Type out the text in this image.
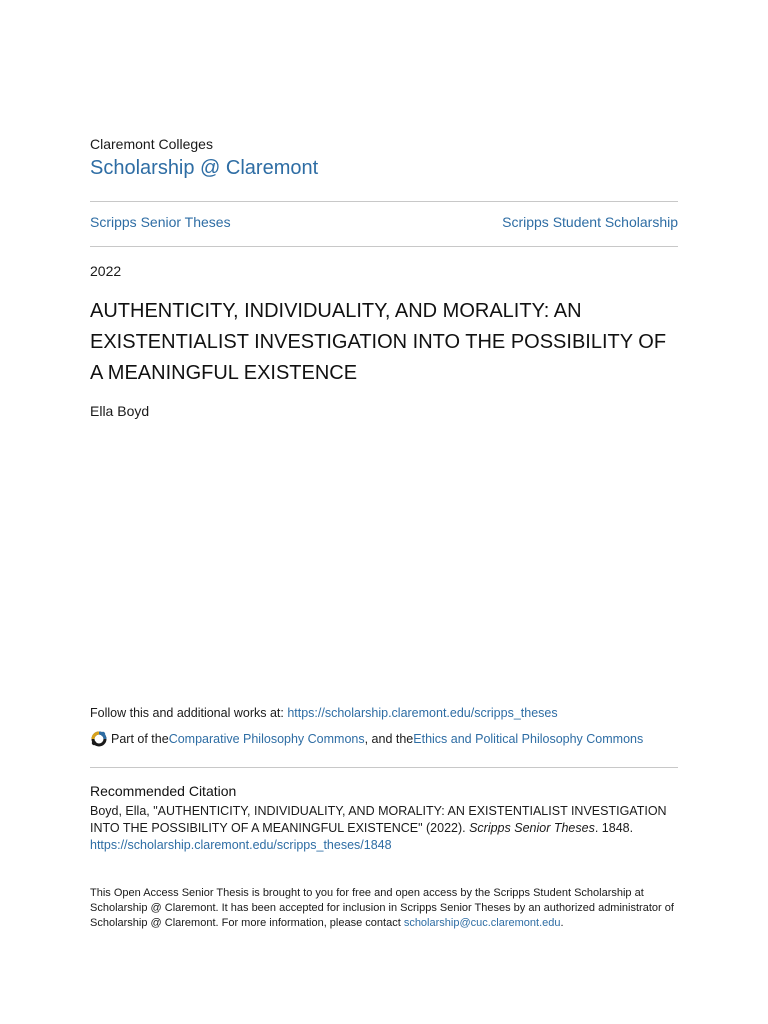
Claremont Colleges
Scholarship @ Claremont
Scripps Senior Theses	Scripps Student Scholarship
2022
AUTHENTICITY, INDIVIDUALITY, AND MORALITY: AN EXISTENTIALIST INVESTIGATION INTO THE POSSIBILITY OF A MEANINGFUL EXISTENCE
Ella Boyd
Follow this and additional works at: https://scholarship.claremont.edu/scripps_theses
Part of the Comparative Philosophy Commons , and the Ethics and Political Philosophy Commons
Recommended Citation
Boyd, Ella, "AUTHENTICITY, INDIVIDUALITY, AND MORALITY: AN EXISTENTIALIST INVESTIGATION INTO THE POSSIBILITY OF A MEANINGFUL EXISTENCE" (2022). Scripps Senior Theses. 1848.
https://scholarship.claremont.edu/scripps_theses/1848
This Open Access Senior Thesis is brought to you for free and open access by the Scripps Student Scholarship at Scholarship @ Claremont. It has been accepted for inclusion in Scripps Senior Theses by an authorized administrator of Scholarship @ Claremont. For more information, please contact scholarship@cuc.claremont.edu.
